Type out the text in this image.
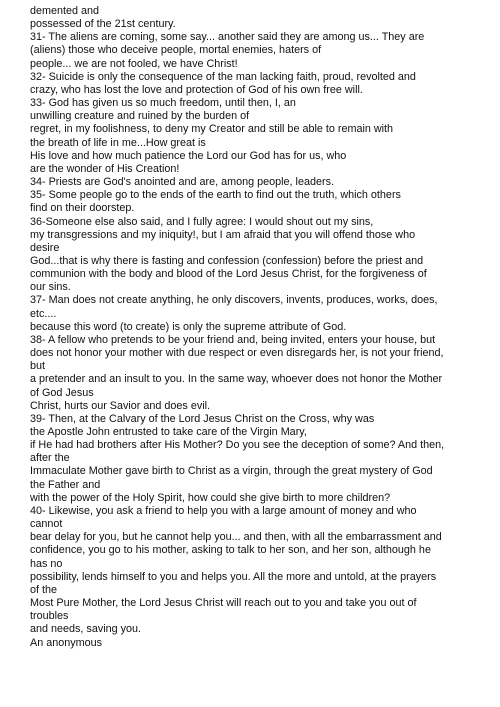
demented and
possessed of the 21st century.
31- The aliens are coming, some say... another said they are among us... They are
(aliens) those who deceive people, mortal enemies, haters of
people... we are not fooled, we have Christ!
32- Suicide is only the consequence of the man lacking faith, proud, revolted and
crazy, who has lost the love and protection of God of his own free will.
33- God has given us so much freedom, until then, I, an
unwilling creature and ruined by the burden of
regret, in my foolishness, to deny my Creator and still be able to remain with
the breath of life in me...How great is
His love and how much patience the Lord our God has for us, who
are the wonder of His Creation!
34- Priests are God's anointed and are, among people, leaders.
35- Some people go to the ends of the earth to find out the truth, which others
find on their doorstep.
36-Someone else also said, and I fully agree: I would shout out my sins,
my transgressions and my iniquity!, but I am afraid that you will offend those who
desire
God...that is why there is fasting and confession (confession) before the priest and
communion with the body and blood of the Lord Jesus Christ, for the forgiveness of
our sins.
37- Man does not create anything, he only discovers, invents, produces, works, does,
etc....
because this word (to create) is only the supreme attribute of God.
38- A fellow who pretends to be your friend and, being invited, enters your house, but
does not honor your mother with due respect or even disregards her, is not your friend,
but
a pretender and an insult to you. In the same way, whoever does not honor the Mother
of God Jesus
Christ, hurts our Savior and does evil.
39- Then, at the Calvary of the Lord Jesus Christ on the Cross, why was
the Apostle John entrusted to take care of the Virgin Mary,
if He had had brothers after His Mother? Do you see the deception of some? And then,
after the
Immaculate Mother gave birth to Christ as a virgin, through the great mystery of God
the Father and
with the power of the Holy Spirit, how could she give birth to more children?
40- Likewise, you ask a friend to help you with a large amount of money and who
cannot
bear delay for you, but he cannot help you... and then, with all the embarrassment and
confidence, you go to his mother, asking to talk to her son, and her son, although he
has no
possibility, lends himself to you and helps you. All the more and untold, at the prayers
of the
Most Pure Mother, the Lord Jesus Christ will reach out to you and take you out of
troubles
and needs, saving you.
An anonymous
